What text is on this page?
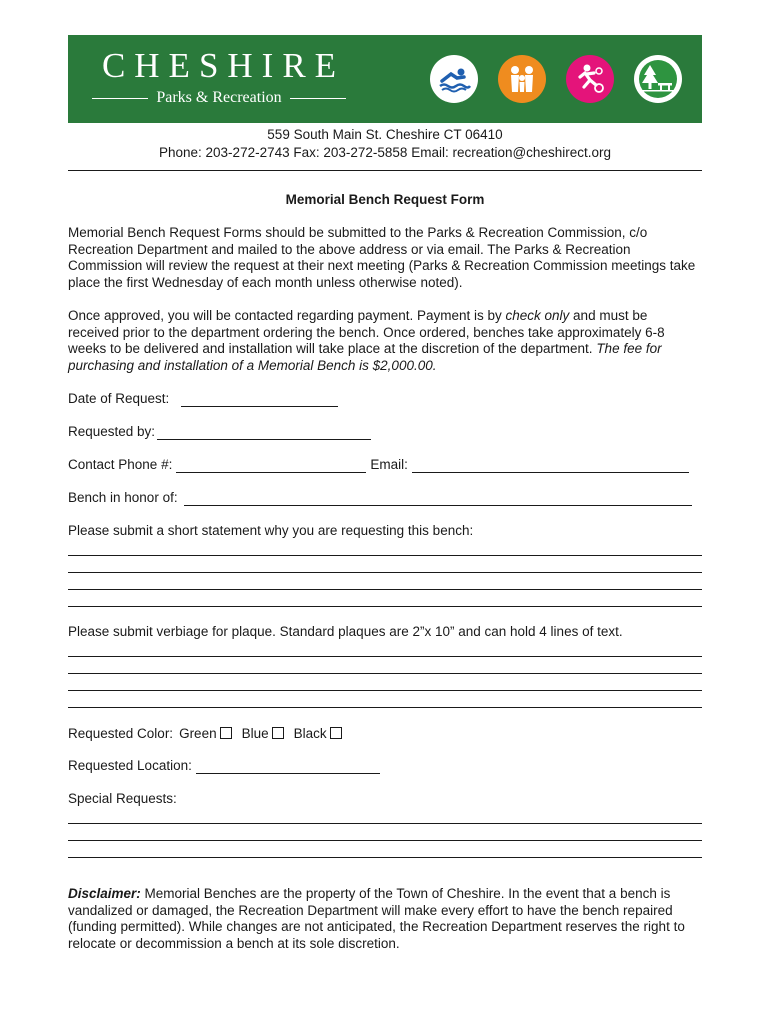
CHESHIRE
Parks & Recreation
559 South Main St. Cheshire CT 06410
Phone: 203-272-2743 Fax: 203-272-5858 Email: recreation@cheshirect.org
Memorial Bench Request Form
Memorial Bench Request Forms should be submitted to the Parks & Recreation Commission, c/o Recreation Department and mailed to the above address or via email. The Parks & Recreation Commission will review the request at their next meeting (Parks & Recreation Commission meetings take place the first Wednesday of each month unless otherwise noted).
Once approved, you will be contacted regarding payment. Payment is by check only and must be received prior to the department ordering the bench. Once ordered, benches take approximately 6-8 weeks to be delivered and installation will take place at the discretion of the department. The fee for purchasing and installation of a Memorial Bench is $2,000.00.
Date of Request:
Requested by:
Contact Phone #:	Email:
Bench in honor of:
Please submit a short statement why you are requesting this bench:
Please submit verbiage for plaque. Standard plaques are 2”x 10” and can hold 4 lines of text.
Requested Color: Green Blue Black
Requested Location:
Special Requests:
Disclaimer: Memorial Benches are the property of the Town of Cheshire. In the event that a bench is vandalized or damaged, the Recreation Department will make every effort to have the bench repaired (funding permitted). While changes are not anticipated, the Recreation Department reserves the right to relocate or decommission a bench at its sole discretion.
